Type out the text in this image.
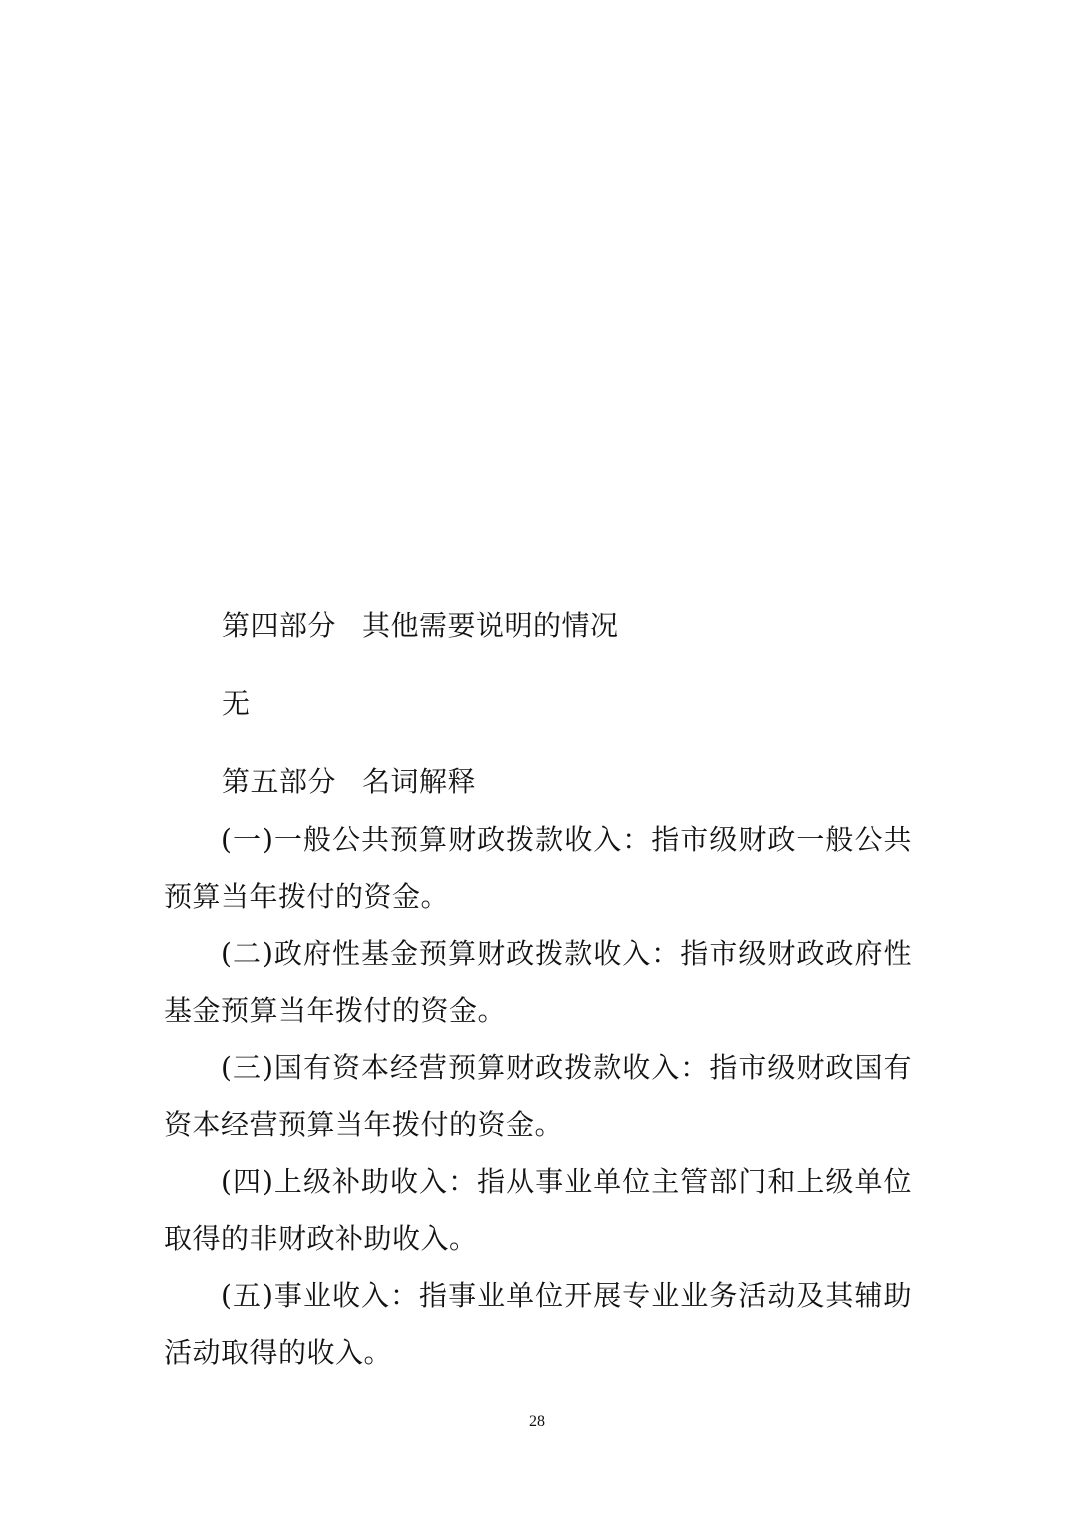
第四部分 其他需要说明的情况
无
第五部分 名词解释

(一)一般公共预算财政拨款收入：指市级财政一般公共预算当年拨付的资金。

(二)政府性基金预算财政拨款收入：指市级财政政府性基金预算当年拨付的资金。

(三)国有资本经营预算财政拨款收入：指市级财政国有资本经营预算当年拨付的资金。

(四)上级补助收入：指从事业单位主管部门和上级单位取得的非财政补助收入。

(五)事业收入：指事业单位开展专业业务活动及其辅助活动取得的收入。

28
